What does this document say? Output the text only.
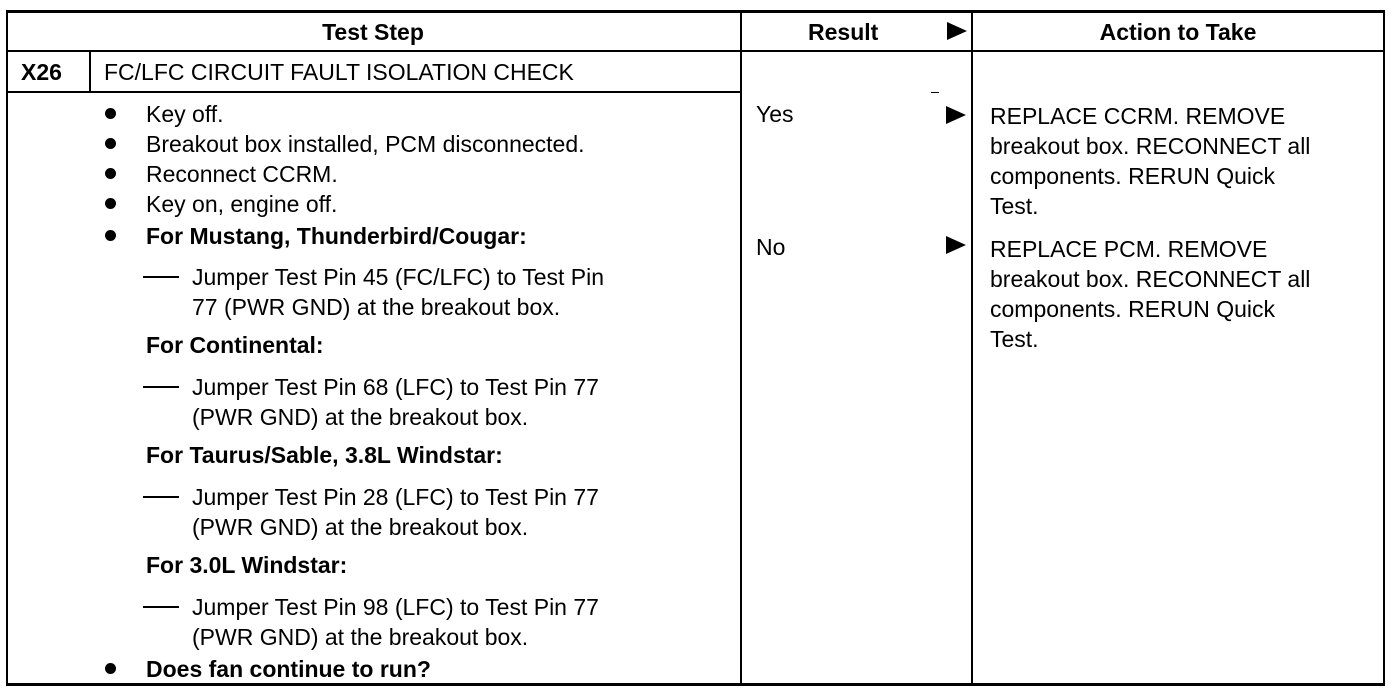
Test Step	Result	Action to Take
X26 FC/LFC CIRCUIT FAULT ISOLATION CHECK
Key off.
Breakout box installed, PCM disconnected.
Reconnect CCRM.
Key on, engine off.
For Mustang, Thunderbird/Cougar:
Jumper Test Pin 45 (FC/LFC) to Test Pin
77 (PWR GND) at the breakout box.
For Continental:
Jumper Test Pin 68 (LFC) to Test Pin 77
(PWR GND) at the breakout box.
For Taurus/Sable, 3.8L Windstar:
Jumper Test Pin 28 (LFC) to Test Pin 77
(PWR GND) at the breakout box.
For 3.0L Windstar:
Jumper Test Pin 98 (LFC) to Test Pin 77
(PWR GND) at the breakout box.
Does fan continue to run?
Yes	REPLACE CCRM. REMOVE
breakout box. RECONNECT all
components. RERUN Quick
Test.
No	REPLACE PCM. REMOVE
breakout box. RECONNECT all
components. RERUN Quick
Test.
